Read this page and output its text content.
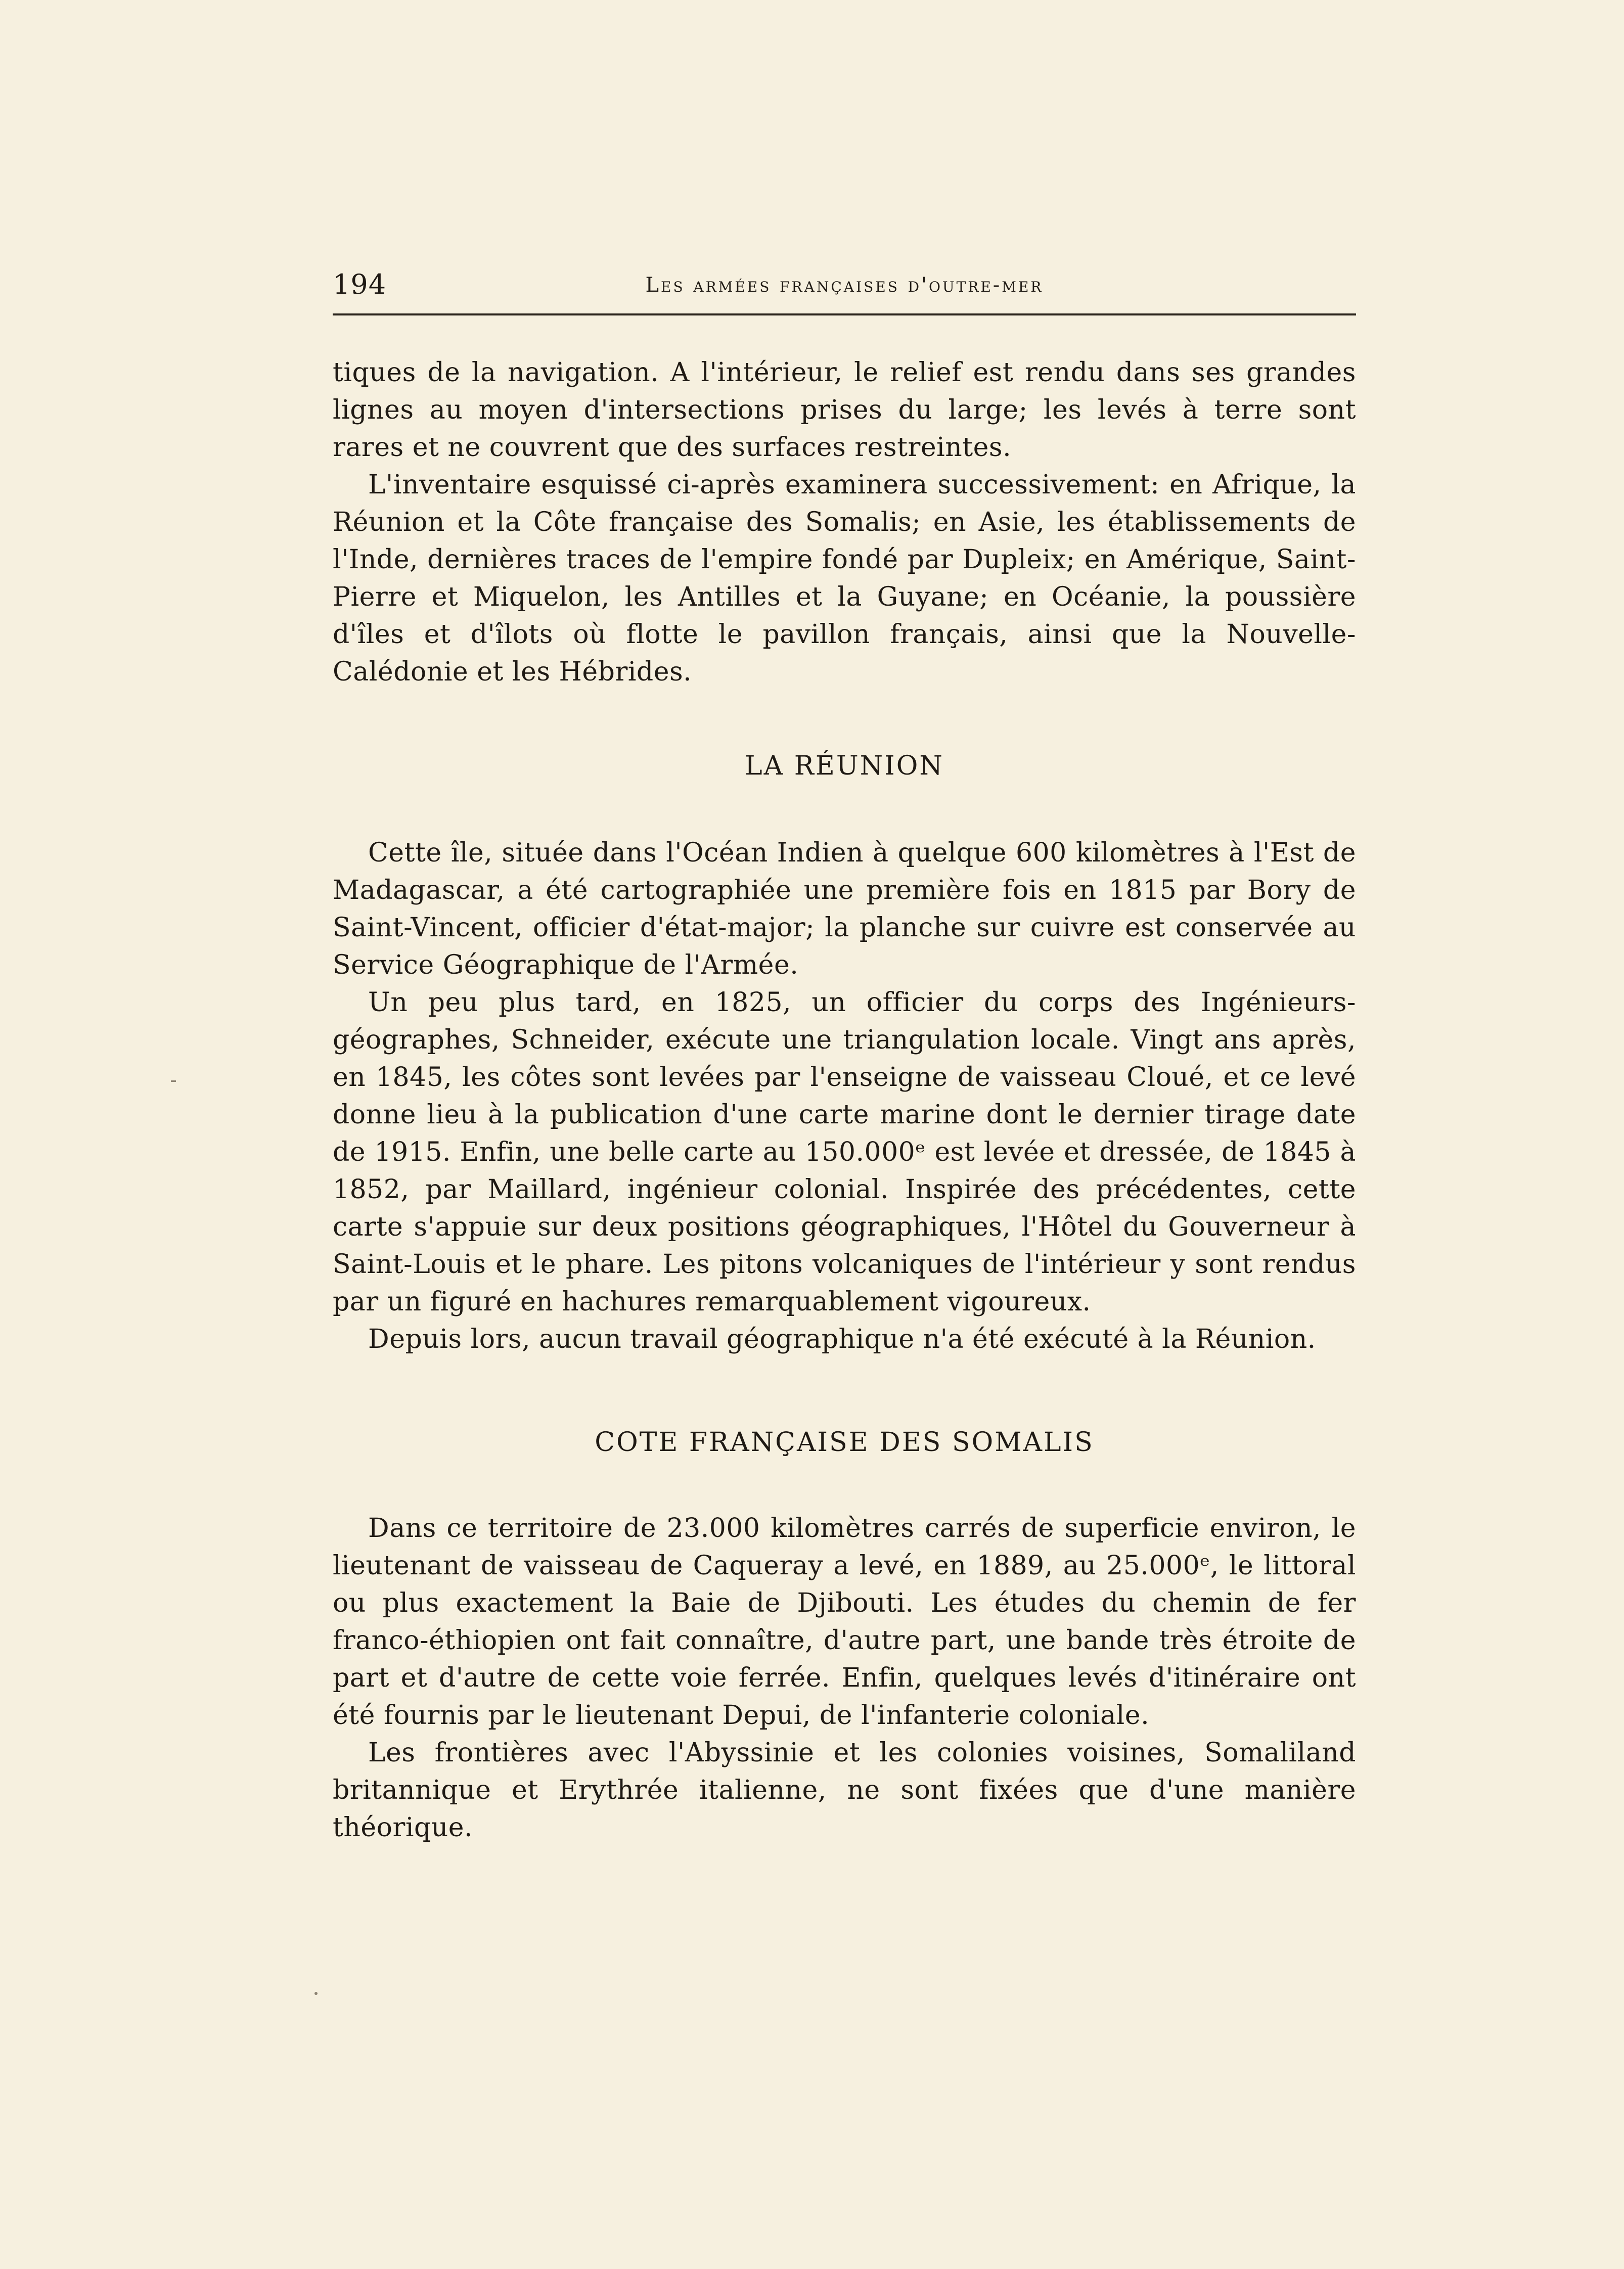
194	Les armées françaises d'outre-mer

tiques de la navigation. A l'intérieur, le relief est rendu dans ses grandes lignes au moyen d'intersections prises du large; les levés à terre sont rares et ne couvrent que des surfaces restreintes.

L'inventaire esquissé ci-après examinera successivement: en Afrique, la Réunion et la Côte française des Somalis; en Asie, les établissements de l'Inde, dernières traces de l'empire fondé par Dupleix; en Amérique, Saint-Pierre et Miquelon, les Antilles et la Guyane; en Océanie, la poussière d'îles et d'îlots où flotte le pavillon français, ainsi que la Nouvelle-Calédonie et les Hébrides.

LA RÉUNION

Cette île, située dans l'Océan Indien à quelque 600 kilomètres à l'Est de Madagascar, a été cartographiée une première fois en 1815 par Bory de Saint-Vincent, officier d'état-major; la planche sur cuivre est conservée au Service Géographique de l'Armée.

Un peu plus tard, en 1825, un officier du corps des Ingénieurs-géographes, Schneider, exécute une triangulation locale. Vingt ans après, en 1845, les côtes sont levées par l'enseigne de vaisseau Cloué, et ce levé donne lieu à la publication d'une carte marine dont le dernier tirage date de 1915. Enfin, une belle carte au 150.000ᵉ est levée et dressée, de 1845 à 1852, par Maillard, ingénieur colonial. Inspirée des précédentes, cette carte s'appuie sur deux positions géographiques, l'Hôtel du Gouverneur à Saint-Louis et le phare. Les pitons volcaniques de l'intérieur y sont rendus par un figuré en hachures remarquablement vigoureux.

Depuis lors, aucun travail géographique n'a été exécuté à la Réunion.

COTE FRANÇAISE DES SOMALIS

Dans ce territoire de 23.000 kilomètres carrés de superficie environ, le lieutenant de vaisseau de Caqueray a levé, en 1889, au 25.000ᵉ, le littoral ou plus exactement la Baie de Djibouti. Les études du chemin de fer franco-éthiopien ont fait connaître, d'autre part, une bande très étroite de part et d'autre de cette voie ferrée. Enfin, quelques levés d'itinéraire ont été fournis par le lieutenant Depui, de l'infanterie coloniale.

Les frontières avec l'Abyssinie et les colonies voisines, Somaliland britannique et Erythrée italienne, ne sont fixées que d'une manière théorique.
